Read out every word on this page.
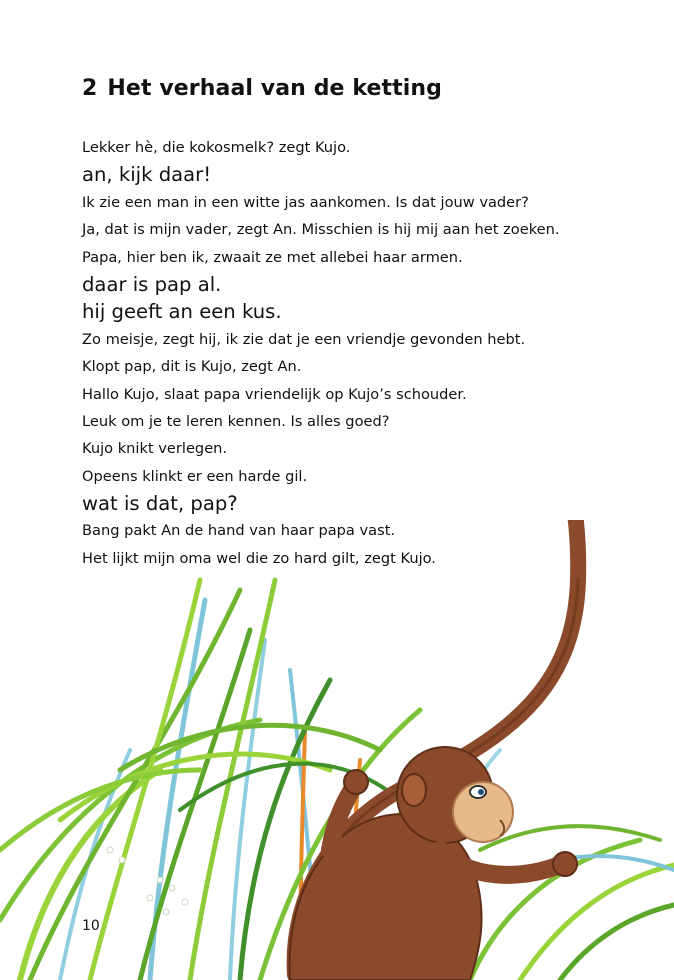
2 Het verhaal van de ketting
Lekker hè, die kokosmelk? zegt Kujo.
an, kijk daar!
Ik zie een man in een witte jas aankomen. Is dat jouw vader?
Ja, dat is mijn vader, zegt An. Misschien is hij mij aan het zoeken.
Papa, hier ben ik, zwaait ze met allebei haar armen.
daar is pap al.
hij geeft an een kus.
Zo meisje, zegt hij, ik zie dat je een vriendje gevonden hebt.
Klopt pap, dit is Kujo, zegt An.
Hallo Kujo, slaat papa vriendelijk op Kujo’s schouder.
Leuk om je te leren kennen. Is alles goed?
Kujo knikt verlegen.
Opeens klinkt er een harde gil.
wat is dat, pap?
Bang pakt An de hand van haar papa vast.
Het lijkt mijn oma wel die zo hard gilt, zegt Kujo.
10
